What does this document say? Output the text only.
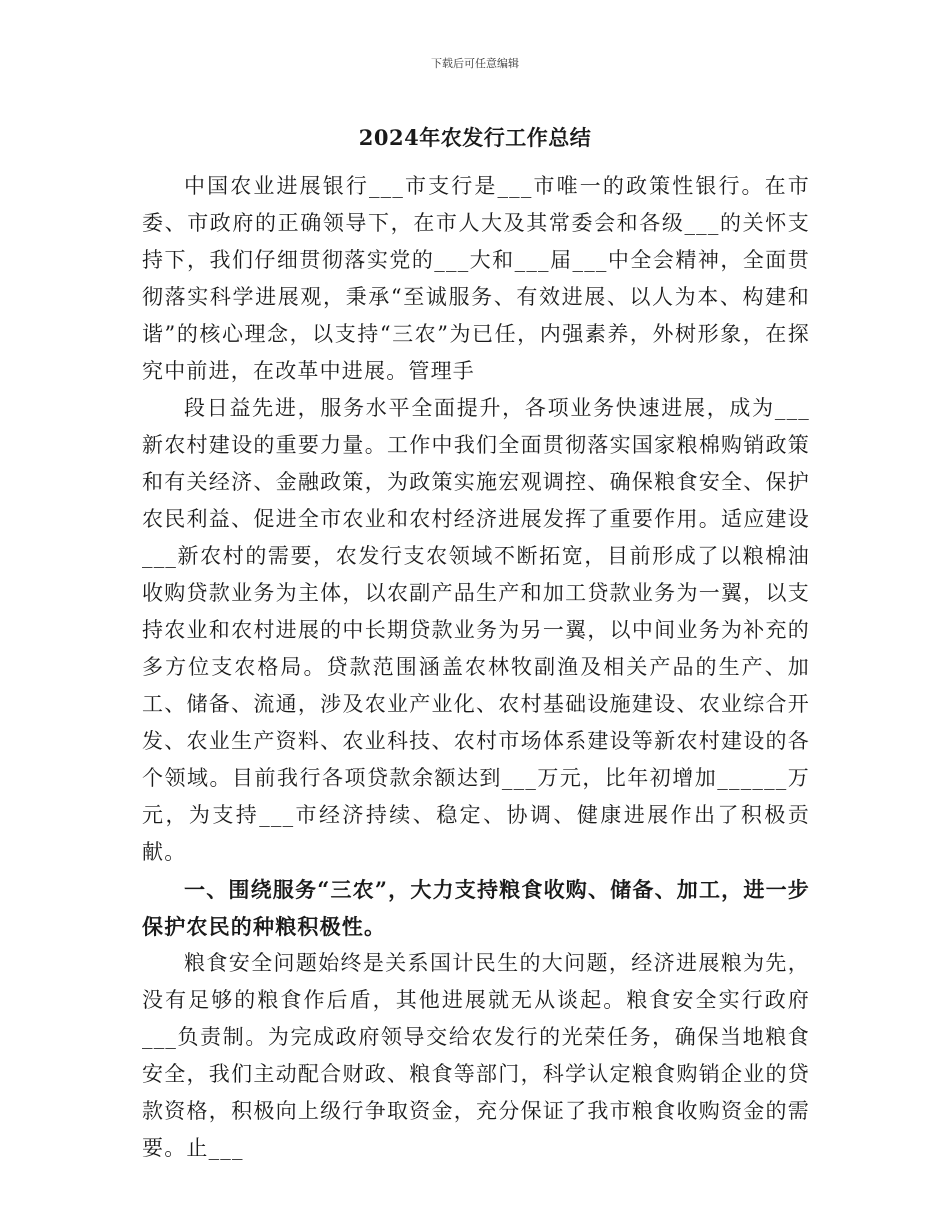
下载后可任意编辑
2024年农发行工作总结

中国农业进展银行___市支行是___市唯一的政策性银行。在市委、市政府的正确领导下，在市人大及其常委会和各级___的关怀支持下，我们仔细贯彻落实党的___大和___届___中全会精神，全面贯彻落实科学进展观，秉承“至诚服务、有效进展、以人为本、构建和谐”的核心理念，以支持“三农”为已任，内强素养，外树形象，在探究中前进，在改革中进展。管理手

段日益先进，服务水平全面提升，各项业务快速进展，成为___新农村建设的重要力量。工作中我们全面贯彻落实国家粮棉购销政策和有关经济、金融政策，为政策实施宏观调控、确保粮食安全、保护农民利益、促进全市农业和农村经济进展发挥了重要作用。适应建设___新农村的需要，农发行支农领域不断拓宽，目前形成了以粮棉油收购贷款业务为主体，以农副产品生产和加工贷款业务为一翼，以支持农业和农村进展的中长期贷款业务为另一翼，以中间业务为补充的多方位支农格局。贷款范围涵盖农林牧副渔及相关产品的生产、加工、储备、流通，涉及农业产业化、农村基础设施建设、农业综合开发、农业生产资料、农业科技、农村市场体系建设等新农村建设的各个领域。目前我行各项贷款余额达到___万元，比年初增加______万元，为支持___市经济持续、稳定、协调、健康进展作出了积极贡献。

一、围绕服务“三农”，大力支持粮食收购、储备、加工，进一步保护农民的种粮积极性。

粮食安全问题始终是关系国计民生的大问题，经济进展粮为先，没有足够的粮食作后盾，其他进展就无从谈起。粮食安全实行政府___负责制。为完成政府领导交给农发行的光荣任务，确保当地粮食安全，我们主动配合财政、粮食等部门，科学认定粮食购销企业的贷款资格，积极向上级行争取资金，充分保证了我市粮食收购资金的需要。止___
